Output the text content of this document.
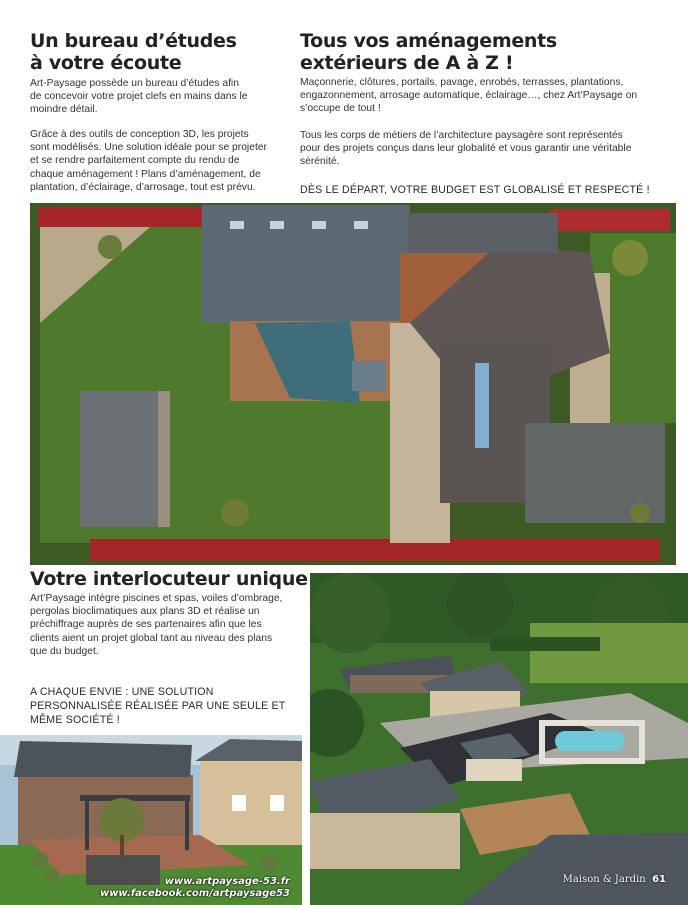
Un bureau d’études
à votre écoute

Art-Paysage possède un bureau d’études afin
de concevoir votre projet clefs en mains dans le
moindre détail.

Grâce à des outils de conception 3D, les projets
sont modélisés. Une solution idéale pour se projeter
et se rendre parfaitement compte du rendu de
chaque aménagement ! Plans d’aménagement, de
plantation, d’éclairage, d’arrosage, tout est prévu.

Tous vos aménagements
extérieurs de A à Z !

Maçonnerie, clôtures, portails, pavage, enrobés, terrasses, plantations,
engazonnement, arrosage automatique, éclairage…, chez Art’Paysage on
s’occupe de tout !

Tous les corps de métiers de l’architecture paysagère sont représentés
pour des projets conçus dans leur globalité et vous garantir une véritable
sérénité.

DÈS LE DÉPART, VOTRE BUDGET EST GLOBALISÉ ET RESPECTÉ !
Votre interlocuteur unique

Art’Paysage intègre piscines et spas, voiles d’ombrage,
pergolas bioclimatiques aux plans 3D et réalise un
préchiffrage auprès de ses partenaires afin que les
clients aient un projet global tant au niveau des plans
que du budget.

A CHAQUE ENVIE : UNE SOLUTION
PERSONNALISÉE RÉALISÉE PAR UNE SEULE ET
MÊME SOCIÉTÉ !
www.artpaysage-53.fr
www.facebook.com/artpaysage53
Maison & Jardin 61
